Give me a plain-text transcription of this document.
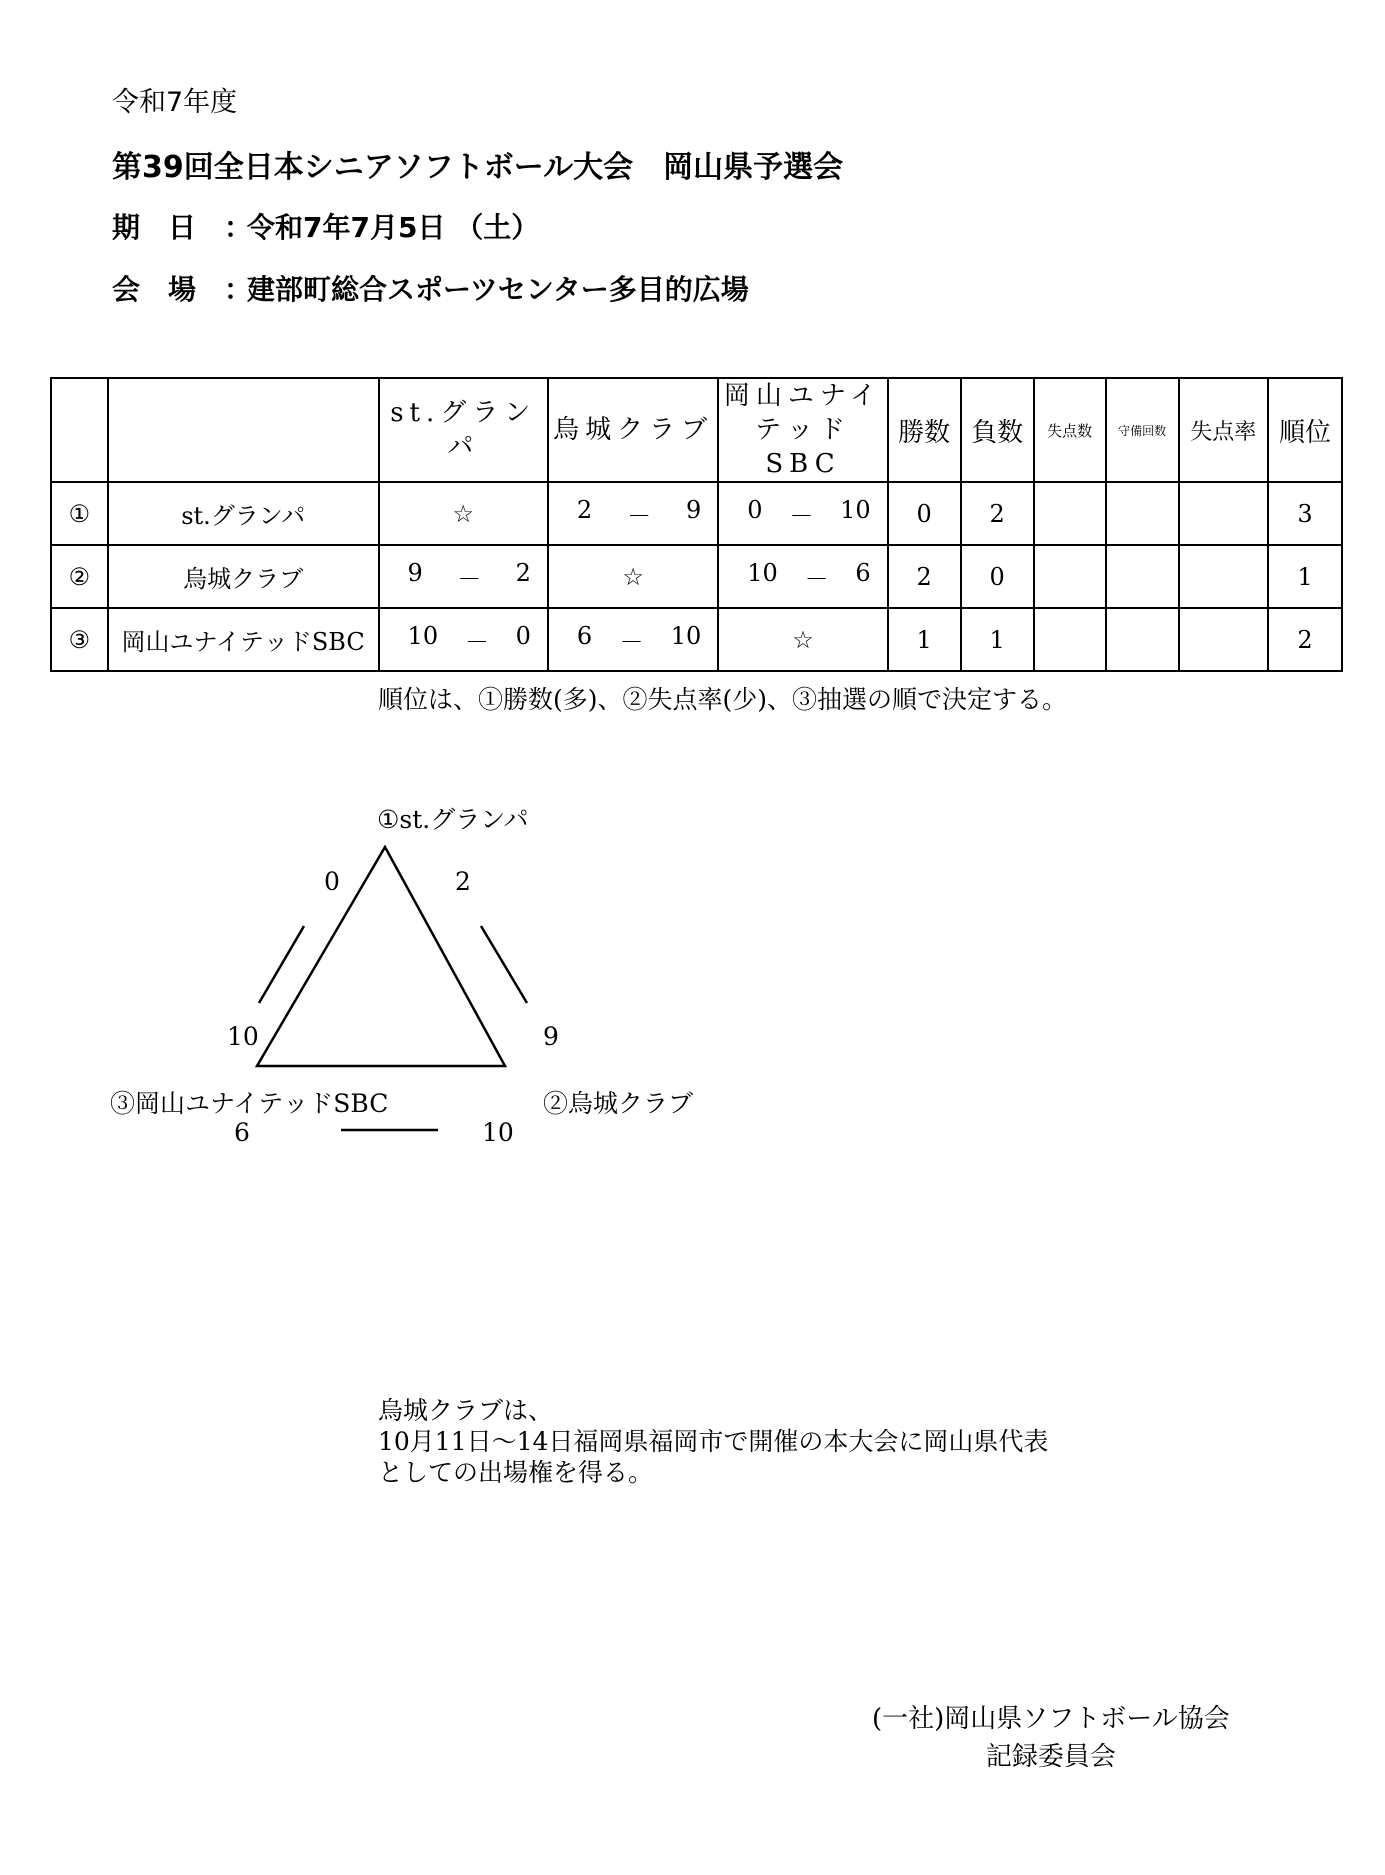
令和7年度
第39回全日本シニアソフトボール大会　岡山県予選会
期　日　：令和7年7月5日 （土）
会　場　：建部町総合スポーツセンター多目的広場
		st.グランパ	烏城クラブ	岡山ユナイ
テッド SBC	勝数	負数	失点数	守備回数	失点率	順位
①	st.グランパ	☆	2 － 9	0 － 10	0	2				3
②	烏城クラブ	9 － 2	☆	10 － 6	2	0				1
③	岡山ユナイテッドSBC	10 － 0	6 － 10	☆	1	1				2
順位は、①勝数(多)、②失点率(少)、③抽選の順で決定する。
①st.グランパ
0	2
10	9
③岡山ユナイテッドSBC	②烏城クラブ
6	10
烏城クラブは、
10月11日～14日福岡県福岡市で開催の本大会に岡山県代表
としての出場権を得る。
(一社)岡山県ソフトボール協会
記録委員会
